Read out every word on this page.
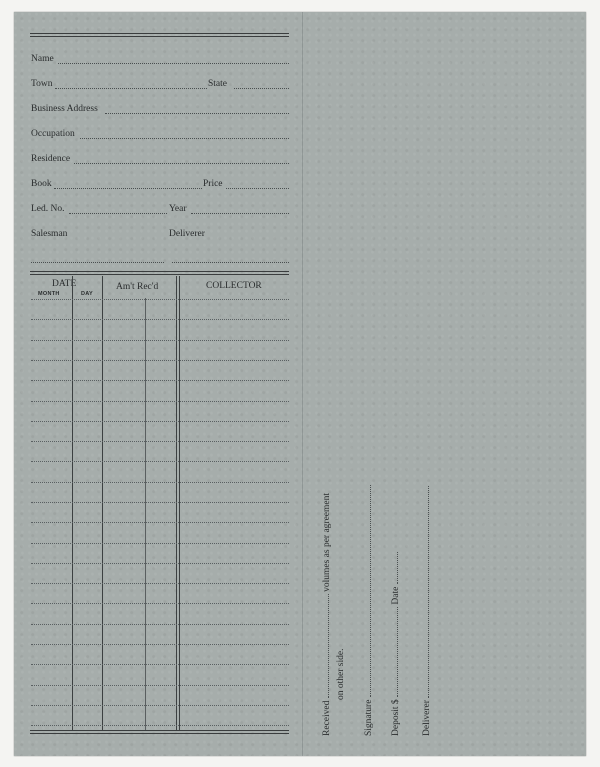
Name
Town	State
Business Address
Occupation
Residence
Book	Price
Led. No.	Year
Salesman	Deliverer
DATE
MONTH	DAY
Am't Rec'd	COLLECTOR
Received  volumes as per agreement
on other side.
Signature Deposit $  Date
Deliverer
